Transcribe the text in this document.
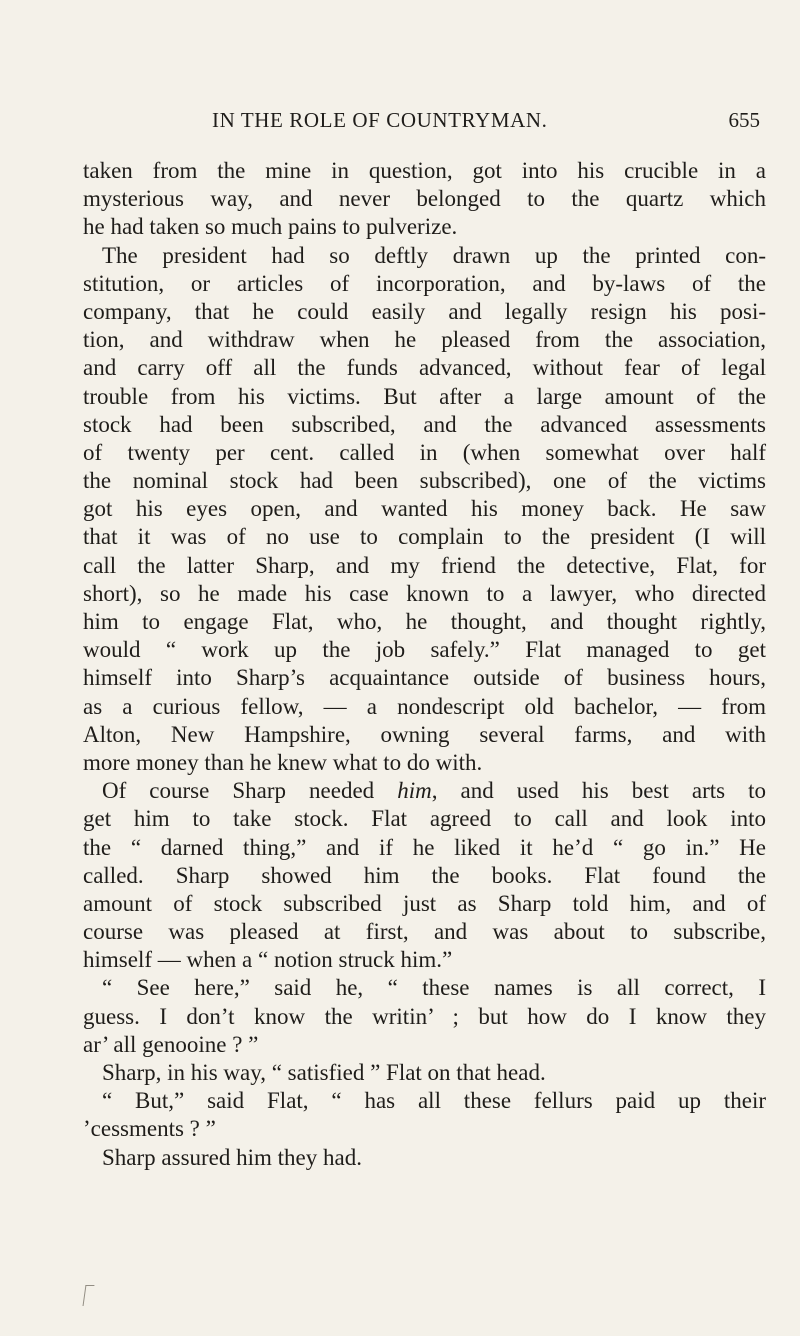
IN THE ROLE OF COUNTRYMAN.	655
taken from the mine in question, got into his crucible in a
mysterious way, and never belonged to the quartz which
he had taken so much pains to pulverize.
The president had so deftly drawn up the printed con-
stitution, or articles of incorporation, and by-laws of the
company, that he could easily and legally resign his posi-
tion, and withdraw when he pleased from the association,
and carry off all the funds advanced, without fear of legal
trouble from his victims. But after a large amount of the
stock had been subscribed, and the advanced assessments
of twenty per cent. called in (when somewhat over half
the nominal stock had been subscribed), one of the victims
got his eyes open, and wanted his money back. He saw
that it was of no use to complain to the president (I will
call the latter Sharp, and my friend the detective, Flat, for
short), so he made his case known to a lawyer, who directed
him to engage Flat, who, he thought, and thought rightly,
would “ work up the job safely.” Flat managed to get
himself into Sharp’s acquaintance outside of business hours,
as a curious fellow, — a nondescript old bachelor, — from
Alton, New Hampshire, owning several farms, and with
more money than he knew what to do with.
Of course Sharp needed him, and used his best arts to
get him to take stock. Flat agreed to call and look into
the “ darned thing,” and if he liked it he’d “ go in.” He
called. Sharp showed him the books. Flat found the
amount of stock subscribed just as Sharp told him, and of
course was pleased at first, and was about to subscribe,
himself — when a “ notion struck him.”
“ See here,” said he, “ these names is all correct, I
guess. I don’t know the writin’ ; but how do I know they
ar’ all genooine ? ”
Sharp, in his way, “ satisfied ” Flat on that head.
“ But,” said Flat, “ has all these fellurs paid up their
’cessments ? ”
Sharp assured him they had.
